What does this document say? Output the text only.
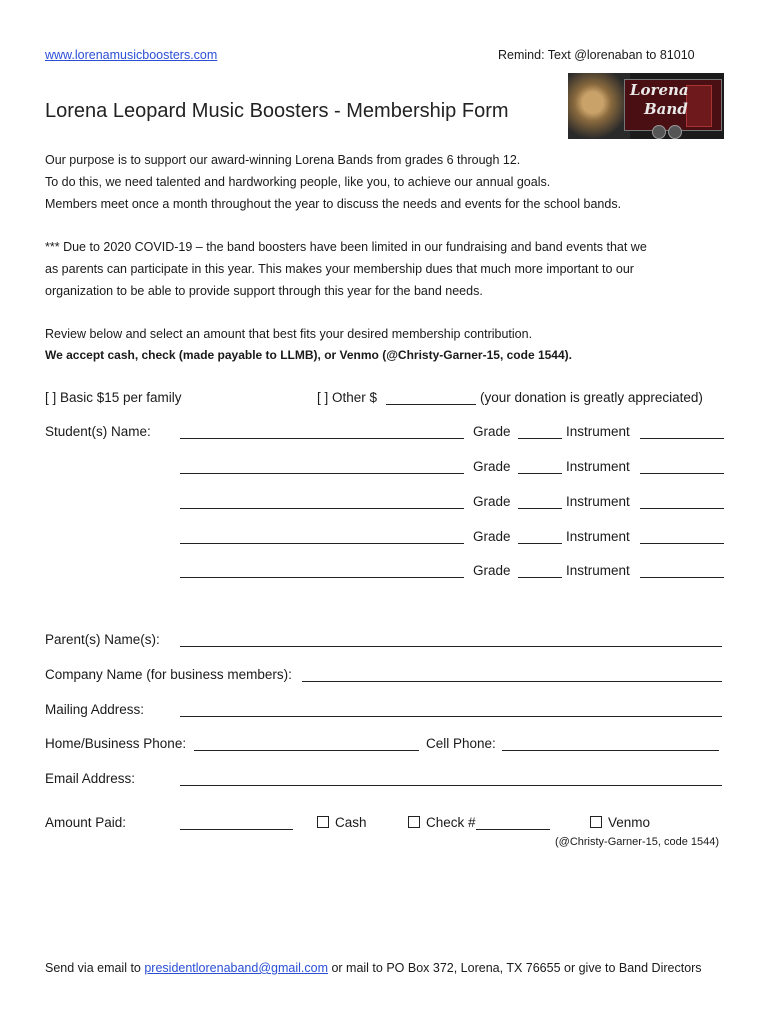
www.lorenamusicboosters.com	Remind: Text @lorenaban to 81010
Lorena Leopard Music Boosters - Membership Form
Lorena
Band
Our purpose is to support our award-winning Lorena Bands from grades 6 through 12.
To do this, we need talented and hardworking people, like you, to achieve our annual goals.
Members meet once a month throughout the year to discuss the needs and events for the school bands.
*** Due to 2020 COVID-19 – the band boosters have been limited in our fundraising and band events that we
as parents can participate in this year. This makes your membership dues that much more important to our
organization to be able to provide support through this year for the band needs.
Review below and select an amount that best fits your desired membership contribution.
We accept cash, check (made payable to LLMB), or Venmo (@Christy-Garner-15, code 1544).
[ ] Basic $15 per family	[ ] Other $	(your donation is greatly appreciated)
Student(s) Name:	Grade	Instrument
Grade	Instrument
Grade	Instrument
Grade	Instrument
Grade	Instrument
Parent(s) Name(s):
Company Name (for business members):
Mailing Address:
Home/Business Phone:	Cell Phone:
Email Address:
Amount Paid:	Cash	Check #	Venmo
(@Christy-Garner-15, code 1544)
Send via email to presidentlorenaband@gmail.com or mail to PO Box 372, Lorena, TX 76655 or give to Band Directors
